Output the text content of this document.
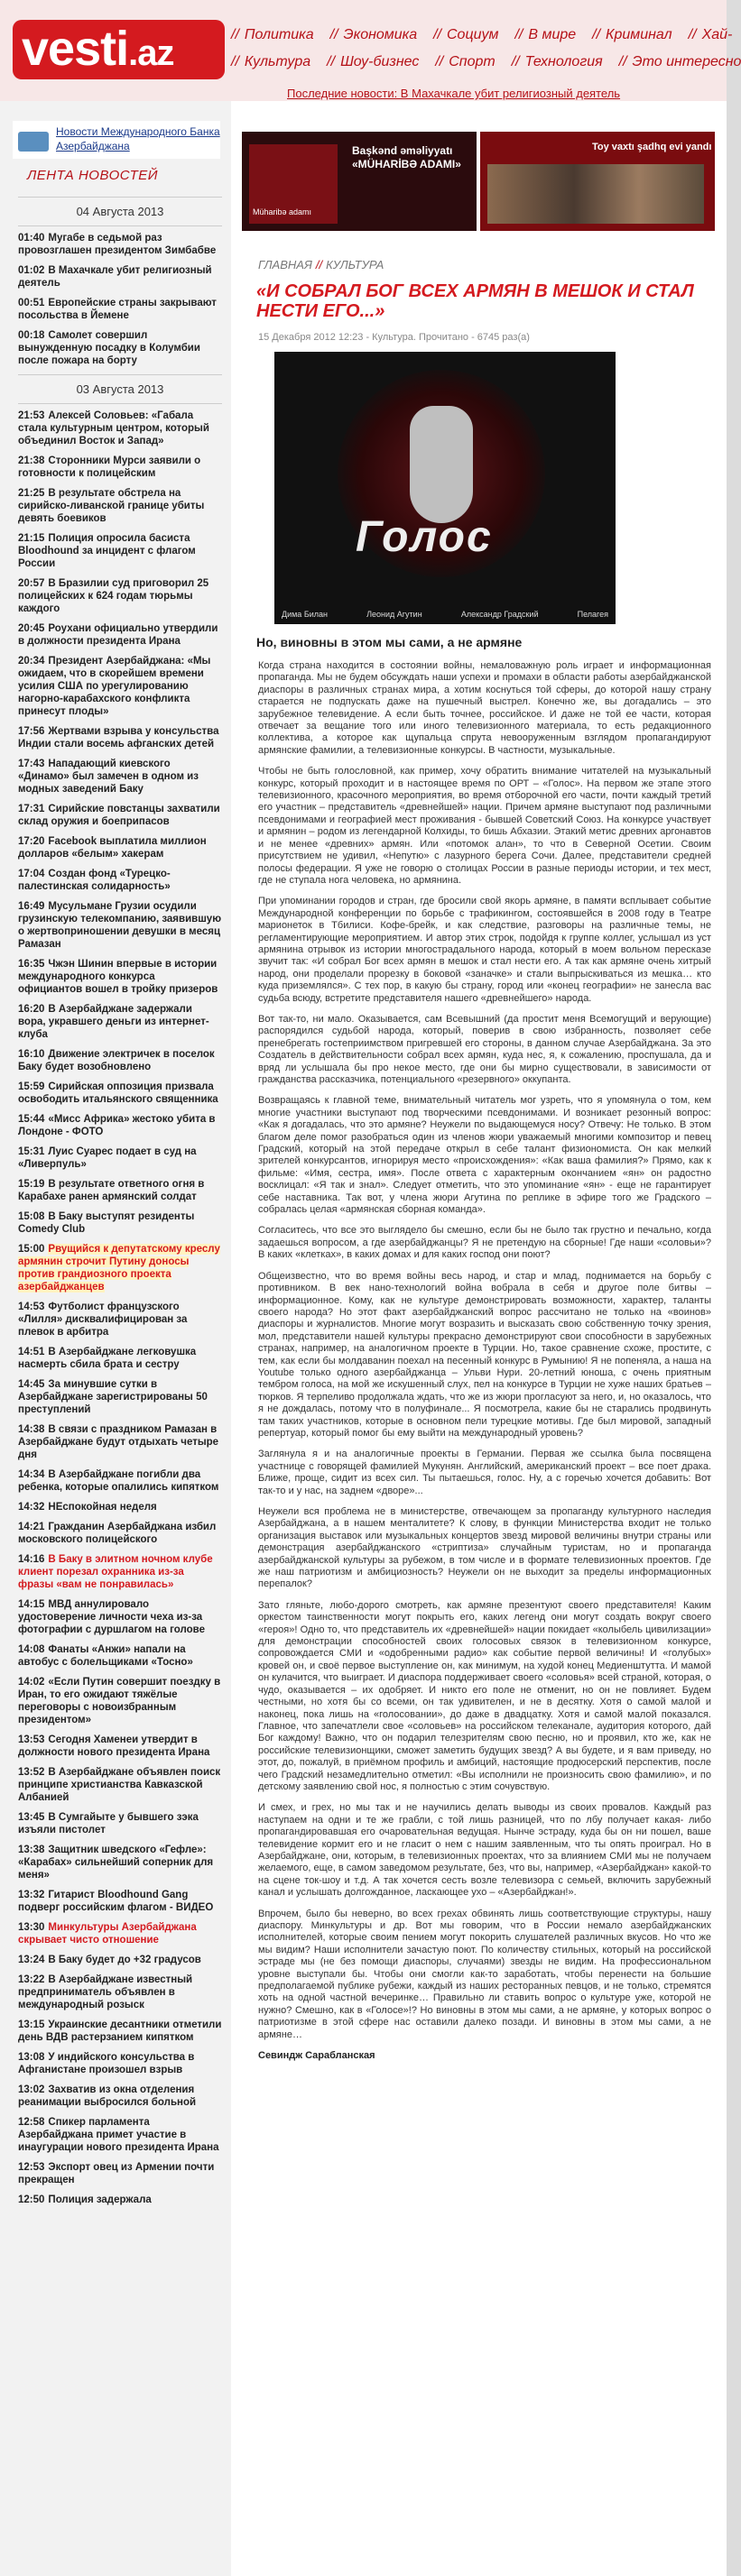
vesti.az	// Политика // Экономика // Социум // В мире // Криминал // Хай-
// Культура // Шоу-бизнес // Спорт // Технология // Это интересно
Последние новости: В Махачкале убит религиозный деятель
Новости Международного Банка Азербайджана
ЛЕНТА НОВОСТЕЙ
04 Августа 2013
01:40 Мугабе в седьмой раз провозглашен президентом Зимбабве
01:02 В Махачкале убит религиозный деятель
00:51 Европейские страны закрывают посольства в Йемене
00:18 Самолет совершил вынужденную посадку в Колумбии после пожара на борту
03 Августа 2013
21:53 Алексей Соловьев: «Габала стала культурным центром, который объединил Восток и Запад»
21:38 Сторонники Мурси заявили о готовности к полицейским
21:25 В результате обстрела на сирийско-ливанской границе убиты девять боевиков
21:15 Полиция опросила басиста Bloodhound за инцидент с флагом России
20:57 В Бразилии суд приговорил 25 полицейских к 624 годам тюрьмы каждого
20:45 Роухани официально утвердили в должности президента Ирана
20:34 Президент Азербайджана: «Мы ожидаем, что в скорейшем времени усилия США по урегулированию нагорно-карабахского конфликта принесут плоды»
17:56 Жертвами взрыва у консульства Индии стали восемь афганских детей
17:43 Нападающий киевского «Динамо» был замечен в одном из модных заведений Баку
17:31 Сирийские повстанцы захватили склад оружия и боеприпасов
17:20 Facebook выплатила миллион долларов «белым» хакерам
17:04 Создан фонд «Турецко-палестинская солидарность»
16:49 Мусульмане Грузии осудили грузинскую телекомпанию, заявившую о жертвоприношении девушки в месяц Рамазан
16:35 Чжэн Шинин впервые в истории международного конкурса официантов вошел в тройку призеров
16:20 В Азербайджане задержали вора, укравшего деньги из интернет-клуба
16:10 Движение электричек в поселок Баку будет возобновлено
15:59 Сирийская оппозиция призвала освободить итальянского священника
15:44 «Мисс Африка» жестоко убита в Лондоне - ФОТО
15:31 Луис Суарес подает в суд на «Ливерпуль»
15:19 В результате ответного огня в Карабахе ранен армянский солдат
15:08 В Баку выступят резиденты Comedy Club
15:00 Рвущийся к депутатскому креслу армянин строчит Путину доносы против грандиозного проекта азербайджанцев
14:53 Футболист французского «Лилля» дисквалифицирован за плевок в арбитра
14:51 В Азербайджане легковушка насмерть сбила брата и сестру
14:45 За минувшие сутки в Азербайджане зарегистрированы 50 преступлений
14:38 В связи с праздником Рамазан в Азербайджане будут отдыхать четыре дня
14:34 В Азербайджане погибли два ребенка, которые опалились кипятком
14:32 НЕспокойная неделя
14:21 Гражданин Азербайджана избил московского полицейского
14:16 В Баку в элитном ночном клубе клиент порезал охранника из-за фразы «вам не понравилась»
14:15 МВД аннулировало удостоверение личности чеха из-за фотографии с дуршлагом на голове
14:08 Фанаты «Анжи» напали на автобус с болельщиками «Тосно»
14:02 «Если Путин совершит поездку в Иран, то его ожидают тяжёлые переговоры с новоизбранным президентом»
13:53 Сегодня Хаменеи утвердит в должности нового президента Ирана
13:52 В Азербайджане объявлен поиск принципе христианства Кавказской Албанией
13:45 В Сумгайыте у бывшего зэка изъяли пистолет
13:38 Защитник шведского «Гефле»: «Карабах» сильнейший соперник для меня»
13:32 Гитарист Bloodhound Gang подверг российским флагом - ВИДЕО
13:30 Минкультуры Азербайджана скрывает чисто отношение
13:24 В Баку будет до +32 градусов
13:22 В Азербайджане известный предприниматель объявлен в международный розыск
13:15 Украинские десантники отметили день ВДВ растерзанием кипятком
13:08 У индийского консульства в Афганистане произошел взрыв
13:02 Захватив из окна отделения реанимации выбросился больной
12:58 Спикер парламента Азербайджана примет участие в инаугурации нового президента Ирана
12:53 Экспорт овец из Армении почти прекращен
12:50 Полиция задержала
Müharibə adamı
Başkənd əməliyyatı «MÜHARİBƏ ADAMI»
Toy vaxtı şadhq evi yandı
ГЛАВНАЯ // КУЛЬТУРА
«И СОБРАЛ БОГ ВСЕХ АРМЯН В МЕШОК И СТАЛ НЕСТИ ЕГО...»
15 Декабря 2012 12:23 - Культура. Прочитано - 6745 раз(а)
Голос
Дима Билан	Леонид Агутин	Александр Градский	Пелагея
Но, виновны в этом мы сами, а не армяне

Когда страна находится в состоянии войны, немаловажную роль играет и информационная пропаганда. Мы не будем обсуждать наши успехи и промахи в области работы азербайджанской диаспоры в различных странах мира, а хотим коснуться той сферы, до которой нашу страну старается не подпускать даже на пушечный выстрел. Конечно же, вы догадались – это зарубежное телевидение. А если быть точнее, российское. И даже не той ее части, которая отвечает за вещание того или иного телевизионного материала, то есть редакционного коллектива, а которое как щупальца спрута невооруженным взглядом пропагандируют армянские фамилии, а телевизионные конкурсы. В частности, музыкальные.

Чтобы не быть голословной, как пример, хочу обратить внимание читателей на музыкальный конкурс, который проходит и в настоящее время по ОРТ – «Голос». На первом же этапе этого телевизионного, красочного мероприятия, во время отборочной его части, почти каждый третий его участник – представитель «древнейшей» нации. Причем армяне выступают под различными псевдонимами и географией мест проживания - бывшей Советский Союз. На конкурсе участвует и армянин – родом из легендарной Колхиды, то бишь Абхазии. Этакий метис древних аргонавтов и не менее «древних» армян. Или «потомок алан», то что в Северной Осетии. Своим присутствием не удивил, «Непутю» с лазурного берега Сочи. Далее, представители средней полосы федерации. Я уже не говорю о столицах России в разные периоды истории, и тех мест, где не ступала нога человека, но армянина.

При упоминании городов и стран, где бросили свой якорь армяне, в памяти всплывает событие Международной конференции по борьбе с трафикингом, состоявшейся в 2008 году в Театре марионеток в Тбилиси. Кофе-брейк, и как следствие, разговоры на различные темы, не регламентирующие мероприятием. И автор этих строк, подойдя к группе коллег, услышал из уст армянина отрывок из истории многострадального народа, который в моем вольном пересказе звучит так: «И собрал Бог всех армян в мешок и стал нести его. А так как армяне очень хитрый народ, они проделали прорезку в боковой «заначке» и стали выпрыскиваться из мешка… кто куда приземлялся». С тех пор, в какую бы страну, город или «конец географии» не занесла вас судьба всюду, встретите представителя нашего «древнейшего» народа.

Вот так-то, ни мало. Оказывается, сам Всевышний (да простит меня Всемогущий и верующие) распорядился судьбой народа, который, поверив в свою избранность, позволяет себе пренебрегать гостеприимством пригревшей его стороны, в данном случае Азербайджана. За это Создатель в действительности собрал всех армян, куда нес, я, к сожалению, проспушала, да и вряд ли услышала бы про некое место, где они бы мирно существовали, в зависимости от гражданства рассказчика, потенциального «резервного» оккупанта.

Возвращаясь к главной теме, внимательный читатель мог узреть, что я упомянула о том, кем многие участники выступают под творческими псевдонимами. И возникает резонный вопрос: «Как я догадалась, что это армяне? Неужели по выдающемуся носу? Отвечу: Не только. В этом благом деле помог разобраться один из членов жюри уважаемый многими композитор и певец Градский, который на этой передаче открыл в себе талант физиономиста. Он как мелкий зрителей конкурсантов, игнорируя место «происхождения»: «Как ваша фамилия?» Прямо, как к фильме: «Имя, сестра, имя». После ответа с характерным окончанием «ян» он радостно восклицал: «Я так и знал». Следует отметить, что это упоминание «ян» - еще не гарантирует себе наставника. Так вот, у члена жюри Агутина по реплике в эфире того же Градского – собралась целая «армянская сборная команда».

Согласитесь, что все это выглядело бы смешно, если бы не было так грустно и печально, когда задаешься вопросом, а где азербайджанцы? Я не претендую на сборные! Где наши «соловьи»? В каких «клетках», в каких домах и для каких господ они поют?

Общеизвестно, что во время войны весь народ, и стар и млад, поднимается на борьбу с противником. В век нано-технологий война вобрала в себя и другое поле битвы – информационное. Кому, как не культуре демонстрировать возможности, характер, таланты своего народа? Но этот факт азербайджанский вопрос рассчитано не только на «воинов» диаспоры и журналистов. Многие могут возразить и высказать свою собственную точку зрения, мол, представители нашей культуры прекрасно демонстрируют свои способности в зарубежных странах, например, на аналогичном проекте в Турции. Но, такое сравнение схоже, простите, с тем, как если бы молдаванин поехал на песенный конкурс в Румынию! Я не попеняла, а наша на Youtube только одного азербайджанца – Ульви Нури. 20-летний юноша, с очень приятным тембром голоса, на мой же искушенный слух, пел на конкурсе в Турции не хуже наших братьев – тюрков. Я терпеливо продолжала ждать, что же из жюри прогласуют за него, и, но оказалось, что я не дождалась, потому что в полуфинале... Я посмотрела, какие бы не старались продвинуть там таких участников, которые в основном пели турецкие мотивы. Где был мировой, западный репертуар, который помог бы ему выйти на международный уровень?

Заглянула я и на аналогичные проекты в Германии. Первая же ссылка была посвящена участнице с говорящей фамилией Мукунян. Английский, американский проект – все поет драка. Ближе, проще, сидит из всех сил. Ты пытаешься, голос. Ну, а с горечью хочется добавить: Вот так-то и у нас, на заднем «дворе»...

Неужели вся проблема не в министерстве, отвечающем за пропаганду культурного наследия Азербайджана, а в нашем менталитете? К слову, в функции Министерства входит не только организация выставок или музыкальных концертов звезд мировой величины внутри страны или демонстрация азербайджанского «стриптиза» случайным туристам, но и пропаганда азербайджанской культуры за рубежом, в том числе и в формате телевизионных проектов. Где же наш патриотизм и амбициозность? Неужели он не выходит за пределы информационных перепалок?

Зато гляньте, любо-дорого смотреть, как армяне презентуют своего представителя! Каким оркестом таинственности могут покрыть его, каких легенд они могут создать вокруг своего «героя»! Одно то, что представитель их «древнейшей» нации покидает «колыбель цивилизации» для демонстрации способностей своих голосовых связок в телевизионном конкурсе, сопровождается СМИ и «одобренными радио» как событие первой величины! И «голубых» кровей он, и своё первое выступление он, как минимум, на худой конец Медиенштутта. И мамой он кулачится, что выиграет. И диаспора поддерживает своего «соловья» всей страной, которая, о чудо, оказывается – их одобряет. И никто его поле не отменит, но он не повлияет. Будем честными, но хотя бы со всеми, он так удивителен, и не в десятку. Хотя о самой малой и наконец, пока лишь на «голосовании», до даже в двадцатку. Хотя и самой малой показался. Главное, что запечатлели свое «соловьев» на российском телеканале, аудитория которого, дай Бог каждому! Важно, что он подарил телезрителям свою песню, но и проявил, кто же, как не российские телевизионщики, сможет заметить будущих звезд? А вы будете, и я вам приведу, но этот, до, пожалуй, в приёмном профиль и амбиций, настоящие продюсерский перспектив, после чего Градский незамедлительно отметил: «Вы исполнили не произносить свою фамилию», и по детскому заявлению свой нос, я полностью с этим сочувствую.

И смех, и грех, но мы так и не научились делать выводы из своих провалов. Каждый раз наступаем на одни и те же грабли, с той лишь разницей, что по лбу получает какая- либо пропагандировавшая его очаровательная ведущая. Нынче эстраду, куда бы он ни пошел, ваше телевидение кормит его и не гласит о нем с нашим заявленным, что ты опять проиграл. Но в Азербайджане, они, которым, в телевизионных проектах, что за влиянием СМИ мы не получаем желаемого, еще, в самом заведомом результате, без, что вы, например, «Азербайджан» какой-то на сцене ток-шоу и т.д. А так хочется сесть возле телевизора с семьей, включить зарубежный канал и услышать долгожданное, ласкающее ухо – «Азербайджан!».

Впрочем, было бы неверно, во всех грехах обвинять лишь соответствующие структуры, нашу диаспору. Минкультуры и др. Вот мы говорим, что в России немало азербайджанских исполнителей, которые своим пением могут покорить слушателей различных вкусов. Но что же мы видим? Наши исполнители зачастую поют. По количеству стильных, который на российской эстраде мы (не без помощи диаспоры, случаями) звезды не видим. На профессиональном уровне выступали бы. Чтобы они смогли как-то заработать, чтобы перенести на большие предполагаемой публике рубежи, каждый из наших ресторанных певцов, и не только, стремятся хоть на одной частной вечеринке… Правильно ли ставить вопрос о культуре уже, которой не нужно? Смешно, как в «Голосе»!? Но виновны в этом мы сами, а не армяне, у которых вопрос о патриотизме в этой сфере нас оставили далеко позади. И виновны в этом мы сами, а не армяне…

Севиндж Сарабланская
